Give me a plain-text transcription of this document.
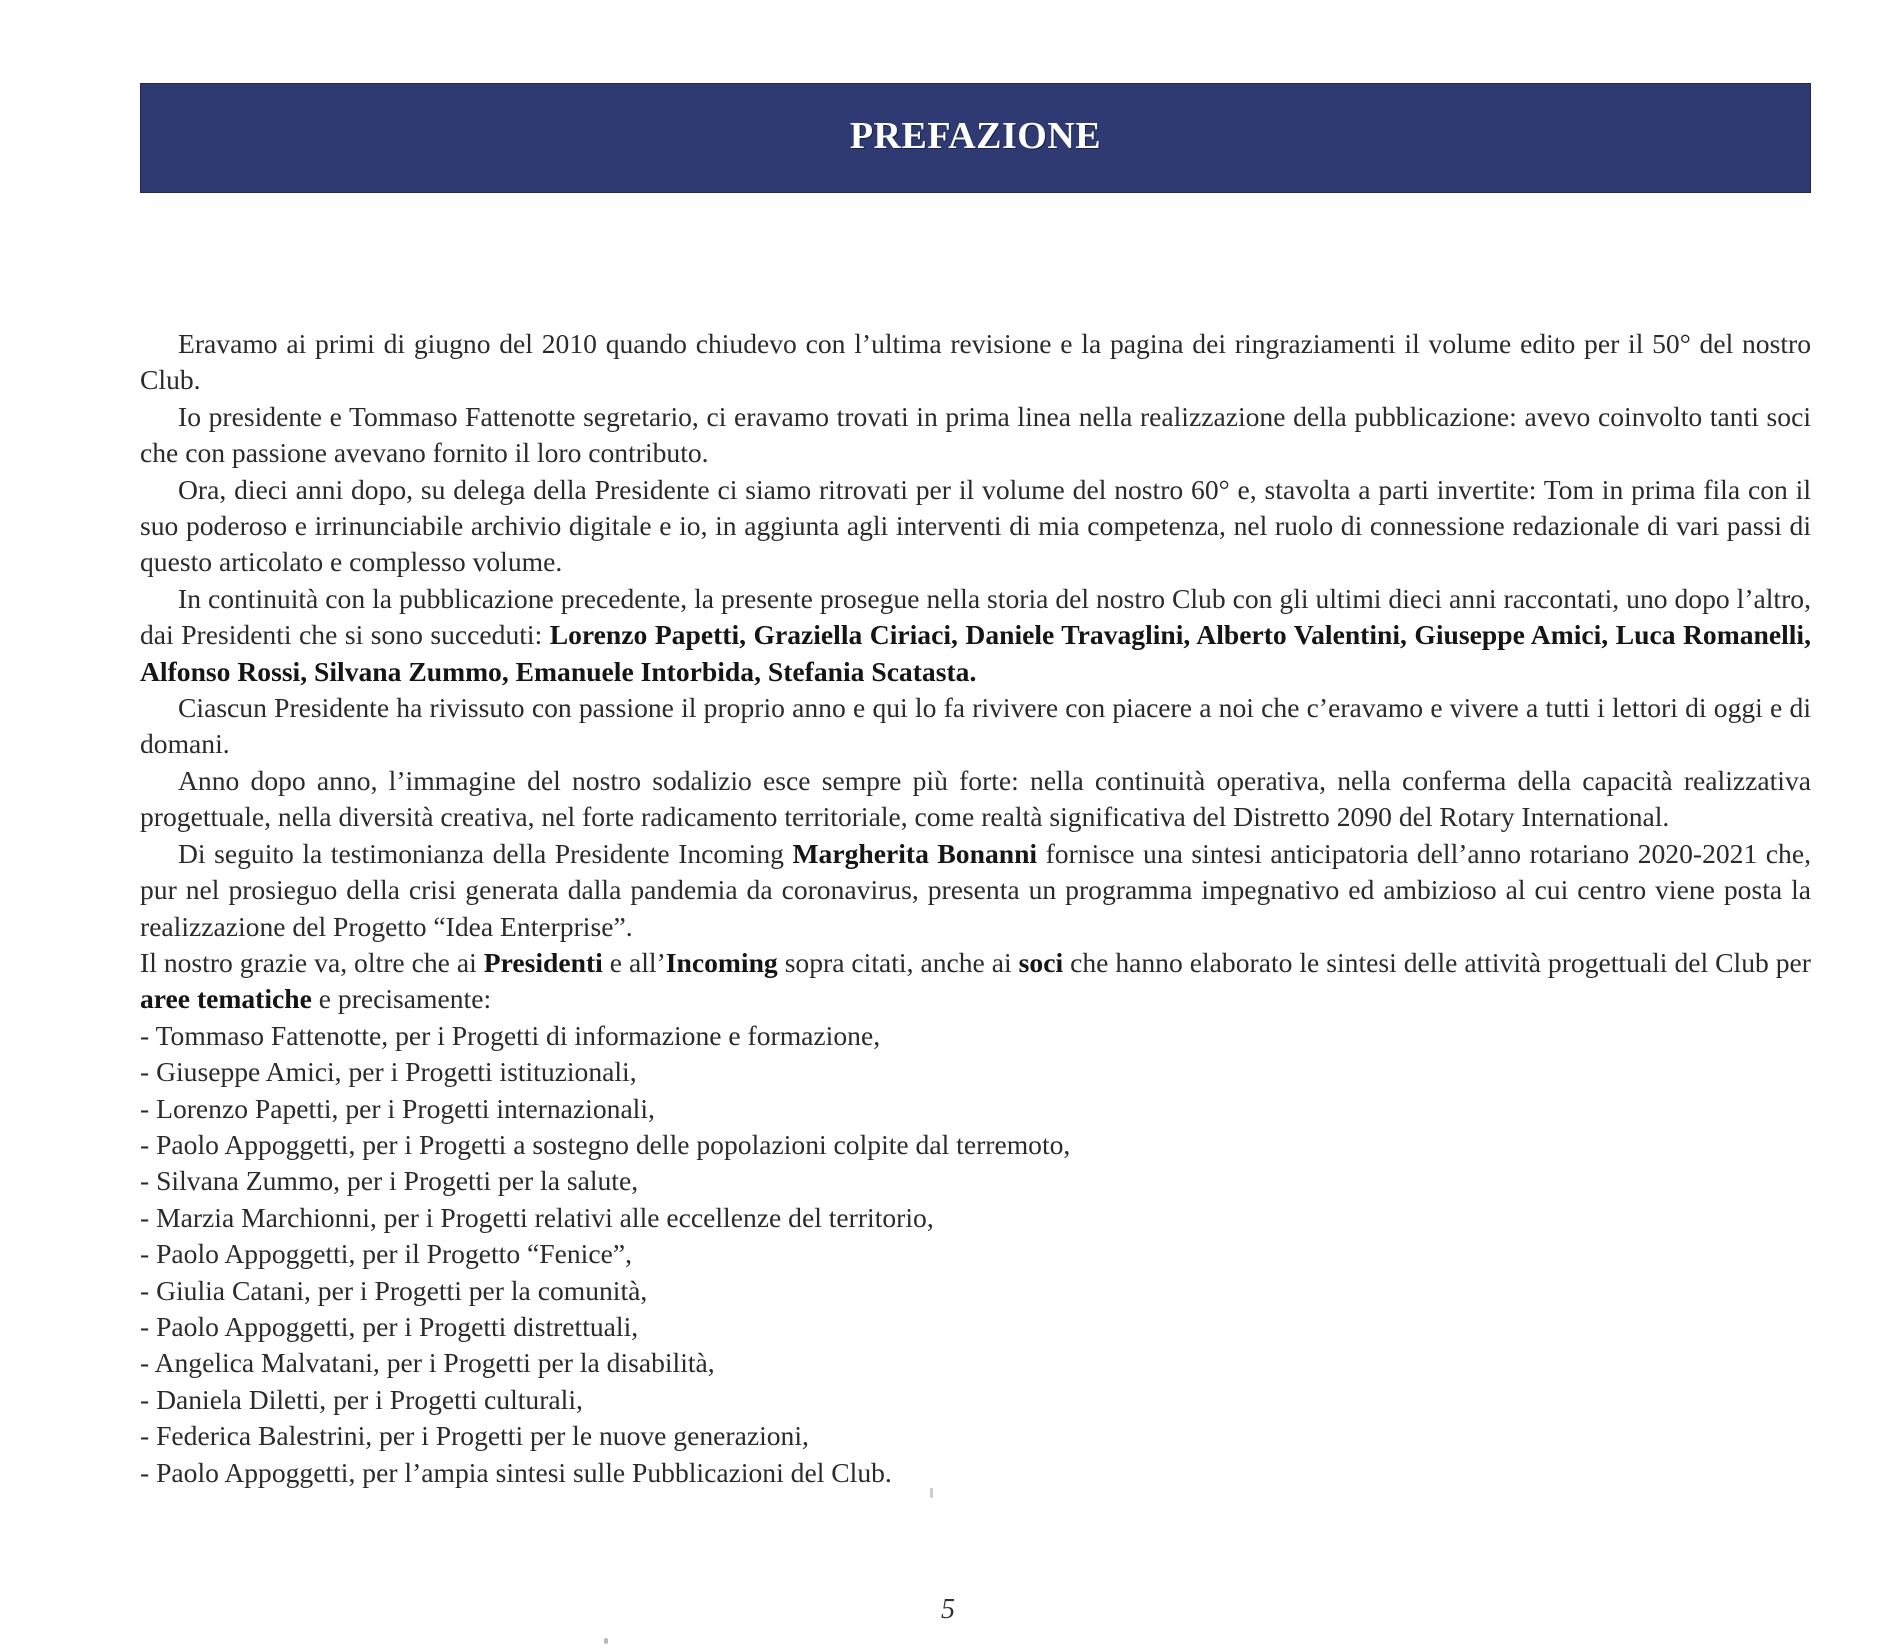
PREFAZIONE

Eravamo ai primi di giugno del 2010 quando chiudevo con l’ultima revisione e la pagina dei ringraziamenti il volume edito per il 50° del nostro Club.

Io presidente e Tommaso Fattenotte segretario, ci eravamo trovati in prima linea nella realizzazione della pubblicazione: avevo coinvolto tanti soci che con passione avevano fornito il loro contributo.

Ora, dieci anni dopo, su delega della Presidente ci siamo ritrovati per il volume del nostro 60° e, stavolta a parti invertite: Tom in prima fila con il suo poderoso e irrinunciabile archivio digitale e io, in aggiunta agli interventi di mia competenza, nel ruolo di connessione redazionale di vari passi di questo articolato e complesso volume.

In continuità con la pubblicazione precedente, la presente prosegue nella storia del nostro Club con gli ultimi dieci anni raccontati, uno dopo l’altro, dai Presidenti che si sono succeduti: Lorenzo Papetti, Graziella Ciriaci, Daniele Travaglini, Alberto Valentini, Giuseppe Amici, Luca Romanelli, Alfonso Rossi, Silvana Zummo, Emanuele Intorbida, Stefania Scatasta.

Ciascun Presidente ha rivissuto con passione il proprio anno e qui lo fa rivivere con piacere a noi che c’eravamo e vivere a tutti i lettori di oggi e di domani.

Anno dopo anno, l’immagine del nostro sodalizio esce sempre più forte: nella continuità operativa, nella conferma della capacità realizzativa progettuale, nella diversità creativa, nel forte radicamento territoriale, come realtà significativa del Distretto 2090 del Rotary International.

Di seguito la testimonianza della Presidente Incoming Margherita Bonanni fornisce una sintesi anticipatoria dell’anno rotariano 2020-2021 che, pur nel prosieguo della crisi generata dalla pandemia da coronavirus, presenta un programma impegnativo ed ambizioso al cui centro viene posta la realizzazione del Progetto “Idea Enterprise”.

Il nostro grazie va, oltre che ai Presidenti e all’Incoming sopra citati, anche ai soci che hanno elaborato le sintesi delle attività progettuali del Club per aree tematiche e precisamente:

- Tommaso Fattenotte, per i Progetti di informazione e formazione,
- Giuseppe Amici, per i Progetti istituzionali,
- Lorenzo Papetti, per i Progetti internazionali,
- Paolo Appoggetti, per i Progetti a sostegno delle popolazioni colpite dal terremoto,
- Silvana Zummo, per i Progetti per la salute,
- Marzia Marchionni, per i Progetti relativi alle eccellenze del territorio,
- Paolo Appoggetti, per il Progetto “Fenice”,
- Giulia Catani, per i Progetti per la comunità,
- Paolo Appoggetti, per i Progetti distrettuali,
- Angelica Malvatani, per i Progetti per la disabilità,
- Daniela Diletti, per i Progetti culturali,
- Federica Balestrini, per i Progetti per le nuove generazioni,
- Paolo Appoggetti, per l’ampia sintesi sulle Pubblicazioni del Club.
5
